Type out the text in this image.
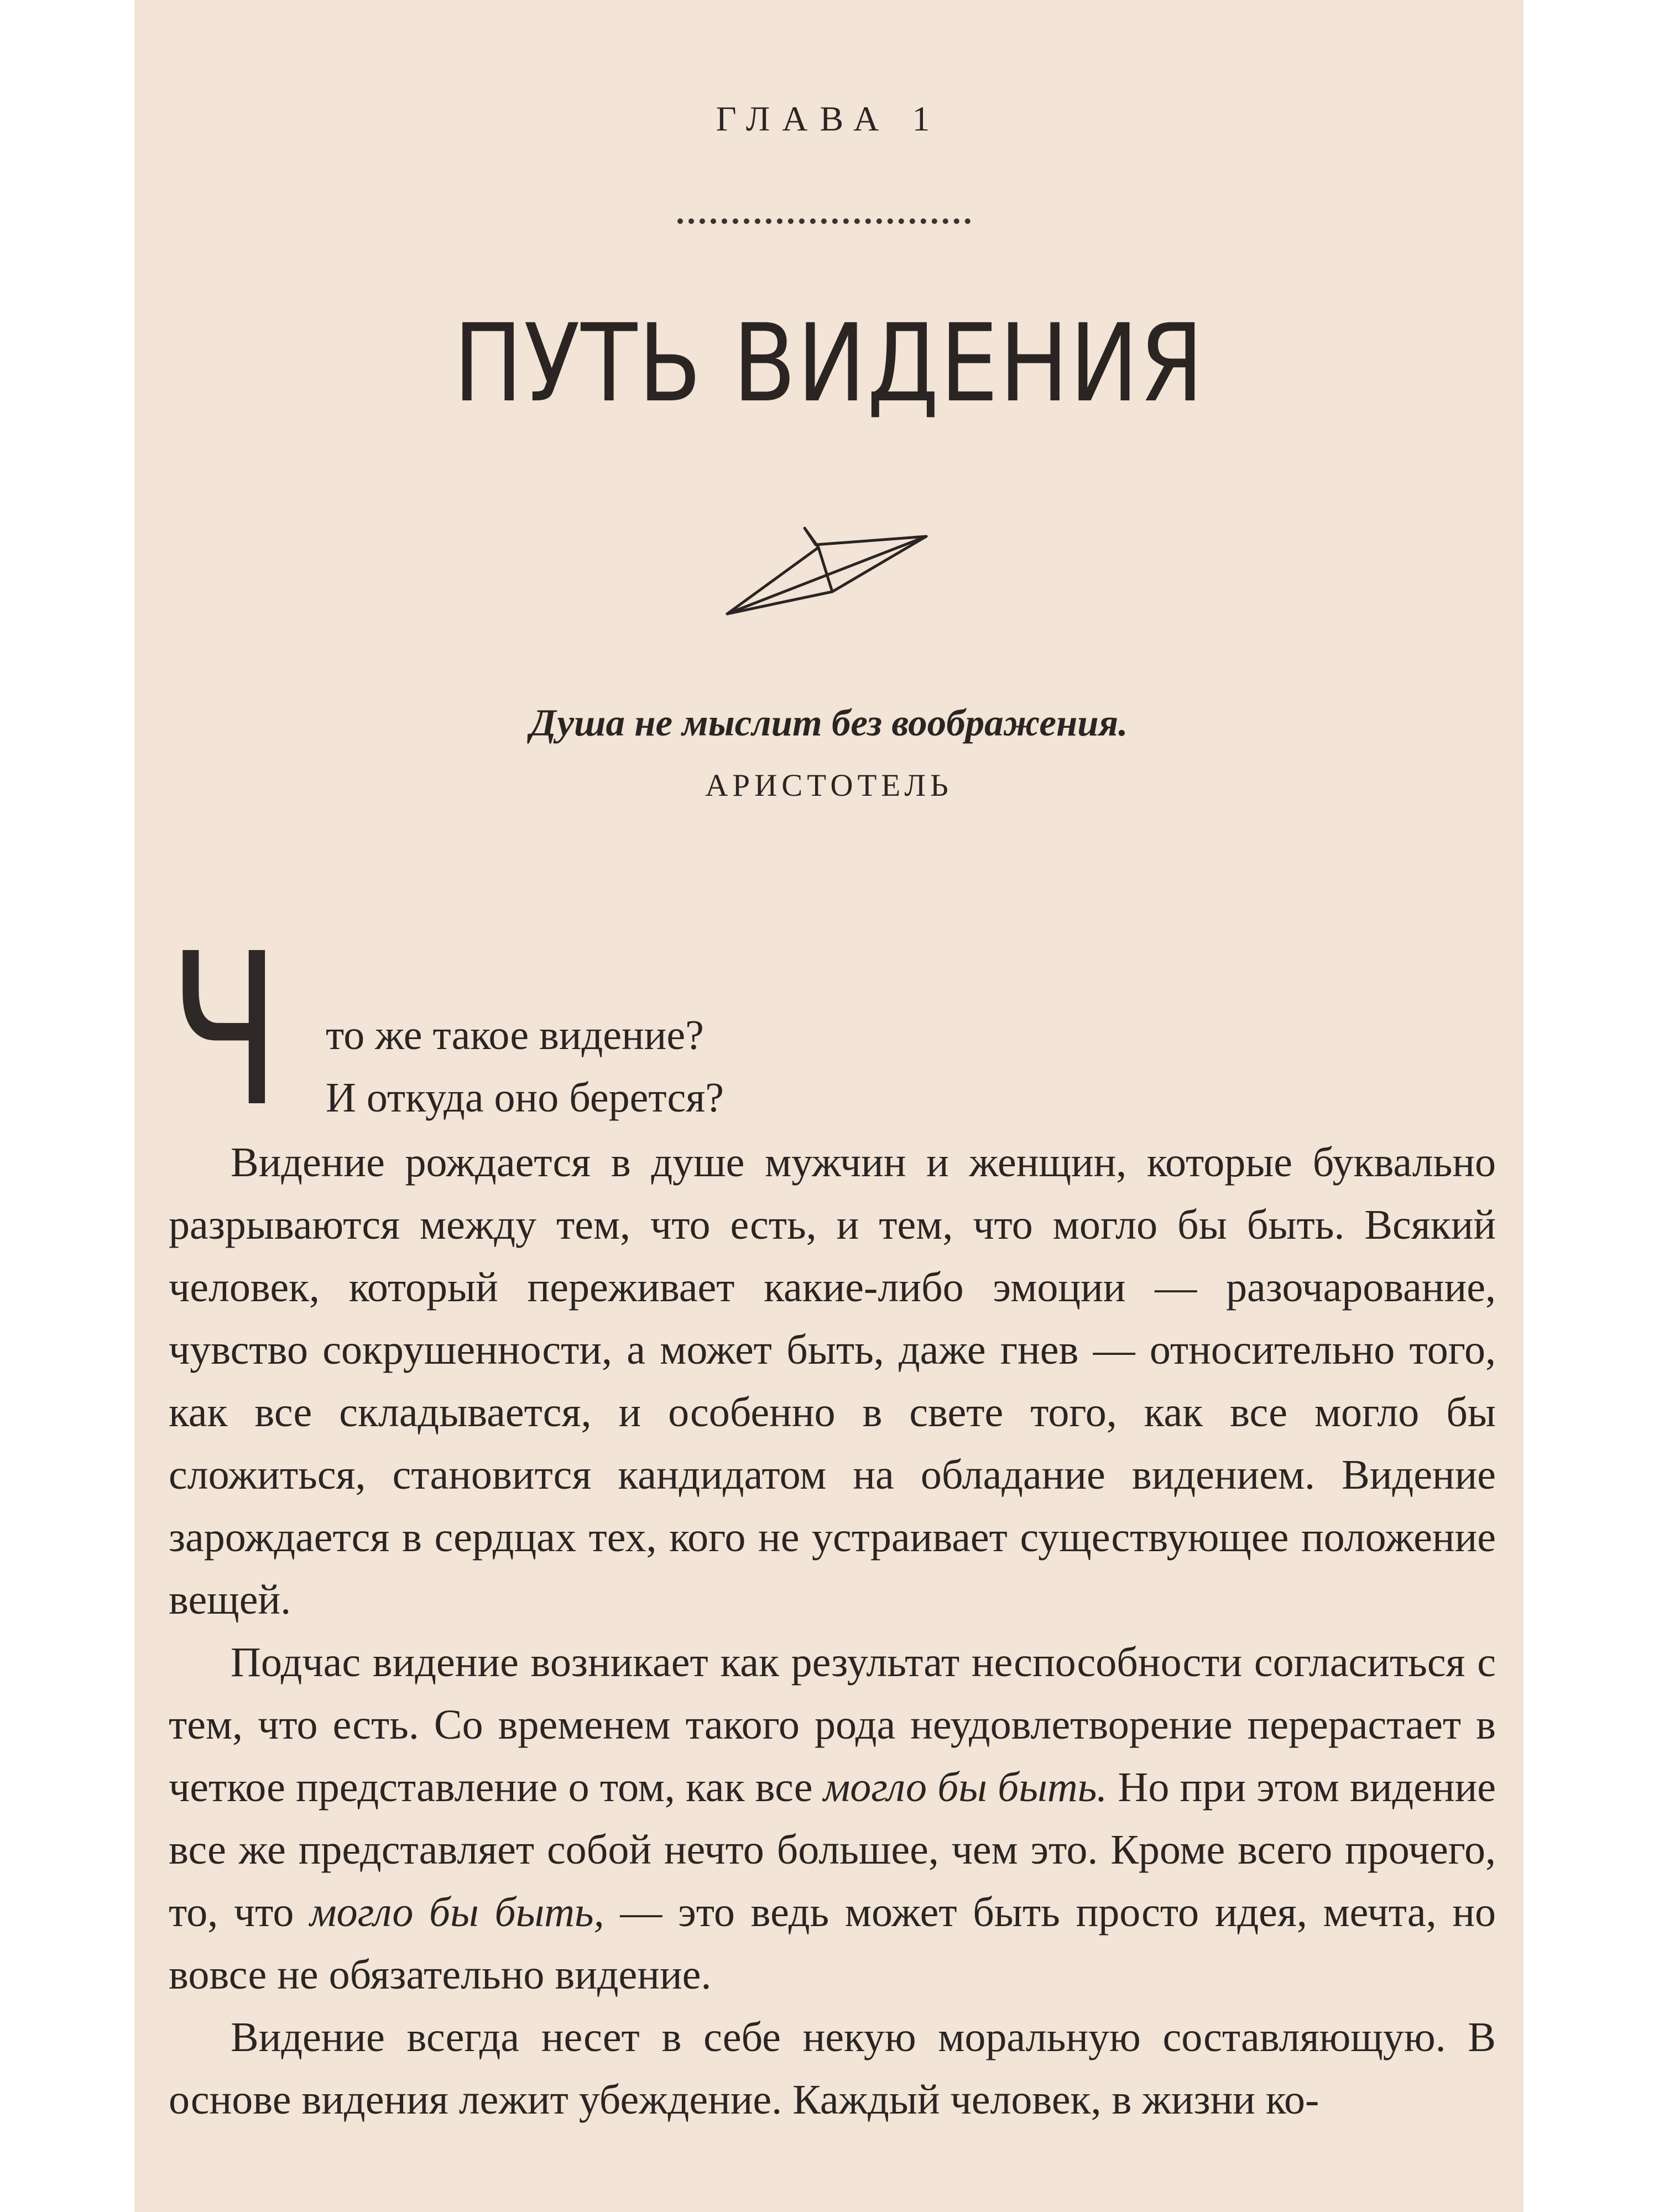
ГЛАВА 1
ПУТЬ ВИДЕНИЯ
Душа не мыслит без воображения.
АРИСТОТЕЛЬ
Ч то же такое видение?
И откуда оно берется?

Видение рождается в душе мужчин и женщин, которые буквально разрываются между тем, что есть, и тем, что могло бы быть. Всякий человек, который переживает какие-либо эмоции — разочарование, чувство сокрушенности, а может быть, даже гнев — относительно того, как все складывается, и особенно в свете того, как все могло бы сложиться, становится кандидатом на обладание видением. Видение зарождается в сердцах тех, кого не устраивает существующее положение вещей.

Подчас видение возникает как результат неспособности согласиться с тем, что есть. Со временем такого рода неудовлетворение перерастает в четкое представление о том, как все могло бы быть. Но при этом видение все же представляет собой нечто большее, чем это. Кроме всего прочего, то, что могло бы быть, — это ведь может быть просто идея, мечта, но вовсе не обязательно видение.

Видение всегда несет в себе некую моральную составляющую. В основе видения лежит убеждение. Каждый человек, в жизни ко-
